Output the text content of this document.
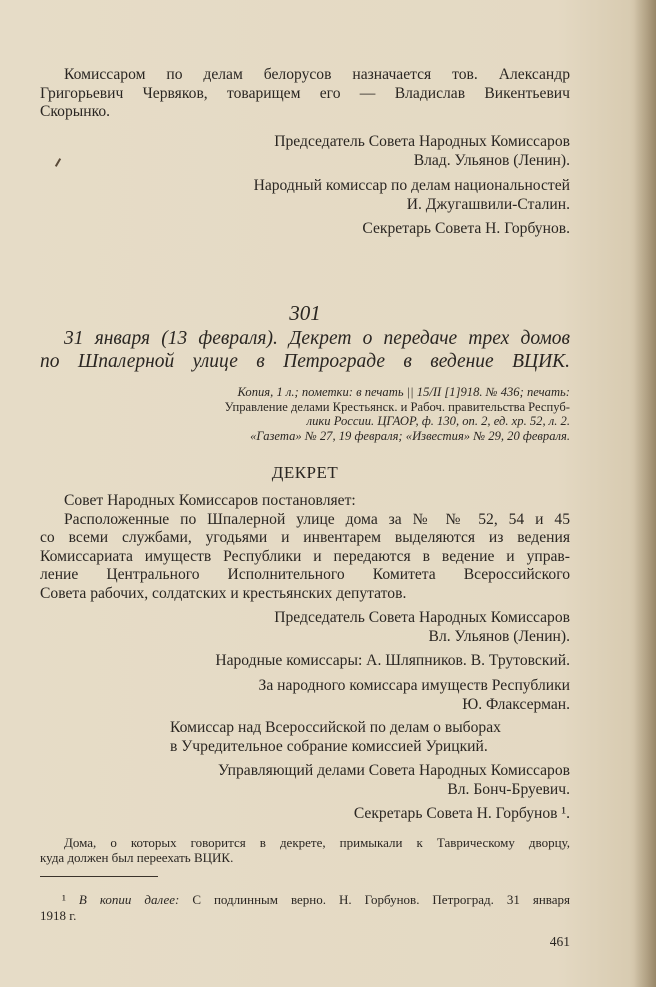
Комиссаром по делам белорусов назначается тов. Александр
Григорьевич Червяков, товарищем его — Владислав Викентьевич
Скорынко.
Председатель Совета Народных Комиссаров
Влад. Ульянов (Ленин).
Народный комиссар по делам национальностей
И. Джугашвили-Сталин.
Секретарь Совета Н. Горбунов.
301
31 января (13 февраля). Декрет о передаче трех домов
по Шпалерной улице в Петрограде в ведение ВЦИК.
Копия, 1 л.; пометки: в печать || 15/II [1]918. № 436; печать:
Управление делами Крестьянск. и Рабоч. правительства Респуб-
лики России. ЦГАОР, ф. 130, оп. 2, ед. хр. 52, л. 2.
«Газета» № 27, 19 февраля; «Известия» № 29, 20 февраля.
ДЕКРЕТ
Совет Народных Комиссаров постановляет:
Расположенные по Шпалерной улице дома за № № 52, 54 и 45
со всеми службами, угодьями и инвентарем выделяются из ведения
Комиссариата имуществ Республики и передаются в ведение и управ-
ление Центрального Исполнительного Комитета Всероссийского
Совета рабочих, солдатских и крестьянских депутатов.
Председатель Совета Народных Комиссаров
Вл. Ульянов (Ленин).
Народные комиссары: А. Шляпников. В. Трутовский.
За народного комиссара имуществ Республики
Ю. Флаксерман.
Комиссар над Всероссийской по делам о выборах
в Учредительное собрание комиссией Урицкий.
Управляющий делами Совета Народных Комиссаров
Вл. Бонч-Бруевич.
Секретарь Совета Н. Горбунов ¹.
Дома, о которых говорится в декрете, примыкали к Таврическому дворцу,
куда должен был переехать ВЦИК.
¹ В копии далее: С подлинным верно. Н. Горбунов. Петроград. 31 января
1918 г.
461
